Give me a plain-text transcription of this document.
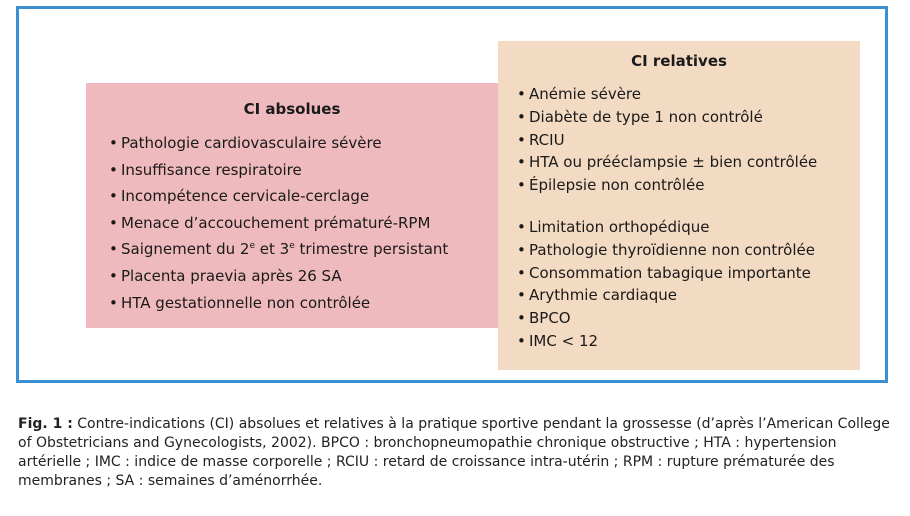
CI absolues
• Pathologie cardiovasculaire sévère
• Insuffisance respiratoire
• Incompétence cervicale-cerclage
• Menace d’accouchement prématuré-RPM
• Saignement du 2e et 3e trimestre persistant
• Placenta praevia après 26 SA
• HTA gestationnelle non contrôlée
CI relatives
• Anémie sévère
• Diabète de type 1 non contrôlé
• RCIU
• HTA ou prééclampsie ± bien contrôlée
• Épilepsie non contrôlée
• Limitation orthopédique
• Pathologie thyroïdienne non contrôlée
• Consommation tabagique importante
• Arythmie cardiaque
• BPCO
• IMC < 12
Fig. 1 : Contre-indications (CI) absolues et relatives à la pratique sportive pendant la grossesse (d’après l’American College of Obstetricians and Gynecologists, 2002). BPCO : bronchopneumopathie chronique obstructive ; HTA : hypertension artérielle ; IMC : indice de masse corporelle ; RCIU : retard de croissance intra-utérin ; RPM : rupture prématurée des membranes ; SA : semaines d’aménorrhée.
